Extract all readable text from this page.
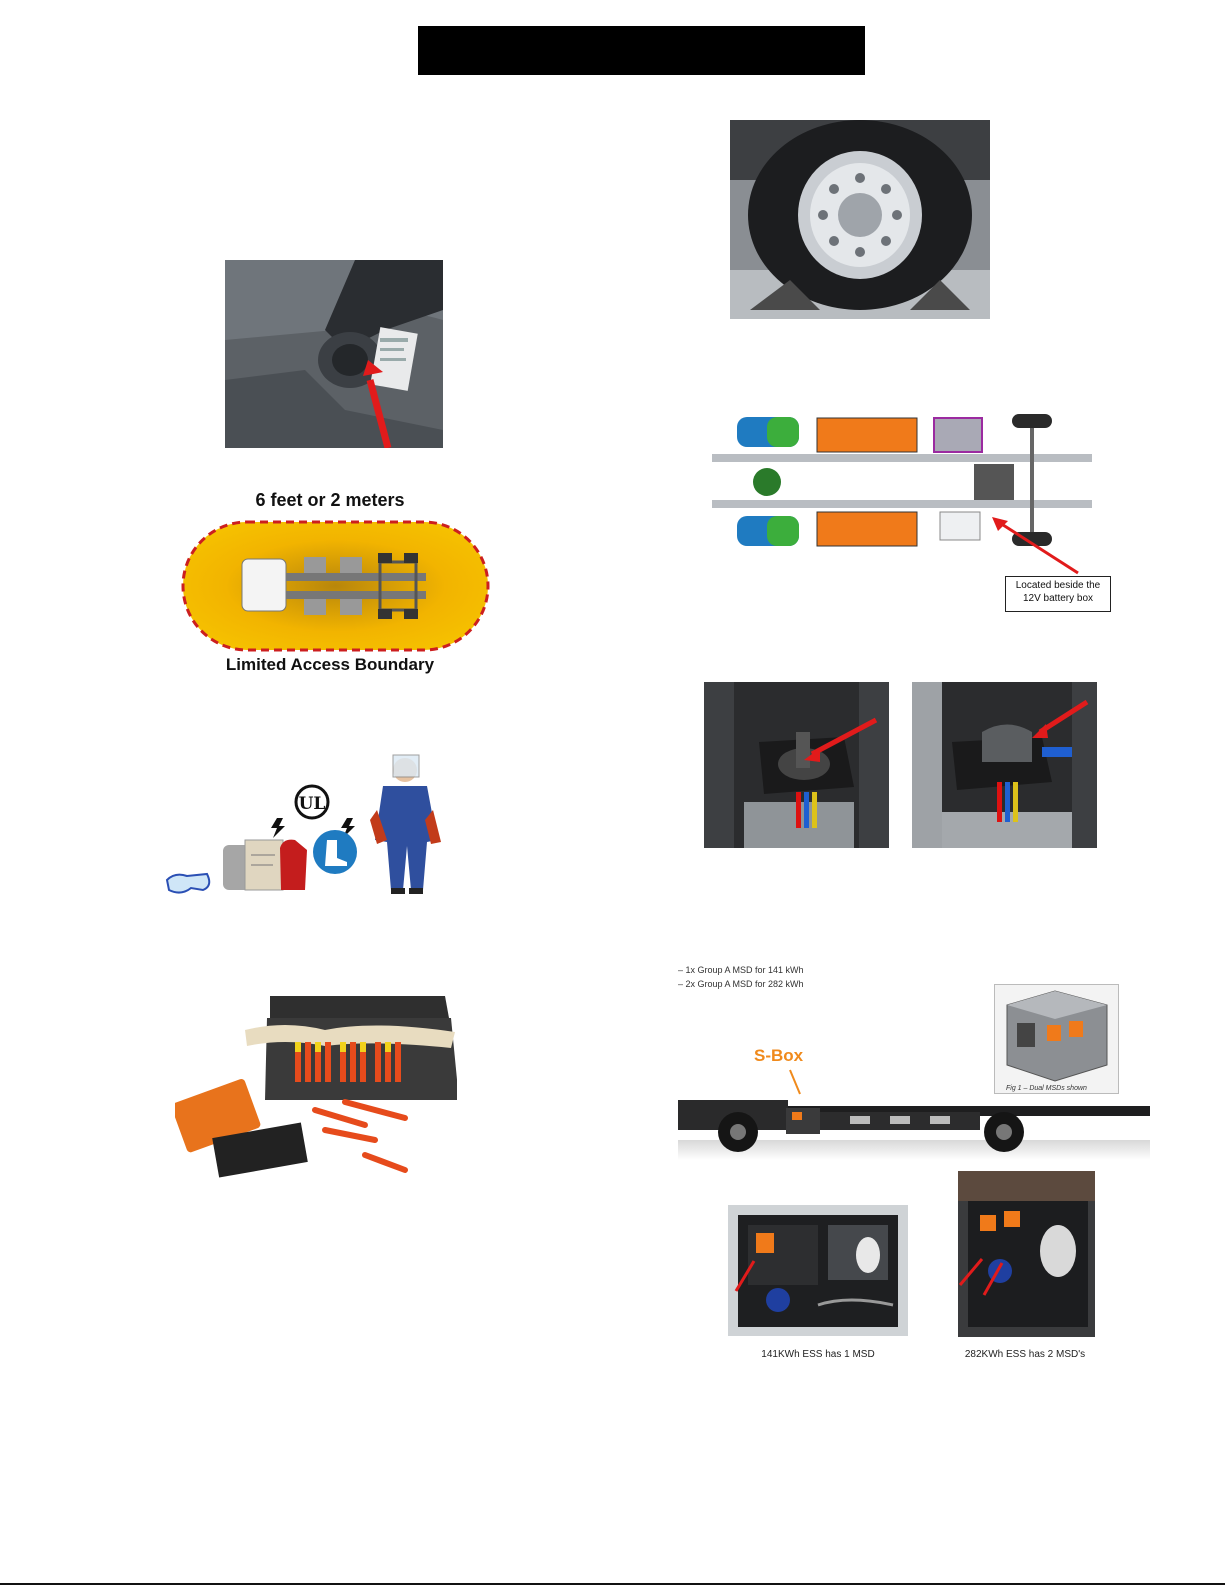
6 feet or 2 meters
Limited Access Boundary
UL
Located beside the 12V battery box
– 1x Group A MSD for 141 kWh
– 2x Group A MSD for 282 kWh
Fig 1 – Dual MSDs shown
S-Box
141KWh ESS has 1 MSD	282KWh ESS has 2 MSD's
